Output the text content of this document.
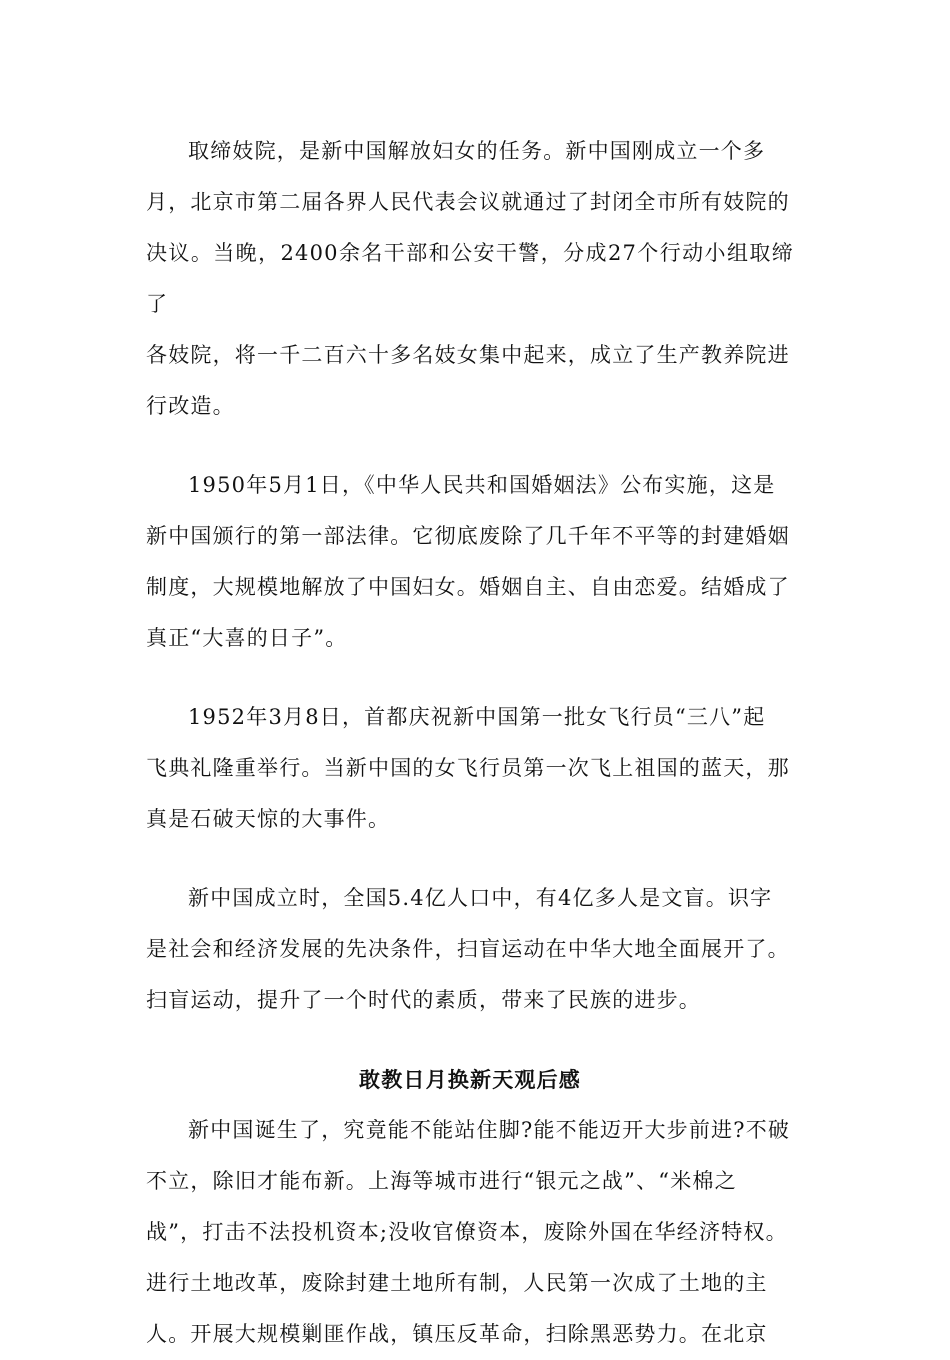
取缔妓院，是新中国解放妇女的任务。新中国刚成立一个多
月，北京市第二届各界人民代表会议就通过了封闭全市所有妓院的
决议。当晚，2400余名干部和公安干警，分成27个行动小组取缔了
各妓院，将一千二百六十多名妓女集中起来，成立了生产教养院进
行改造。

1950年5月1日，《中华人民共和国婚姻法》公布实施，这是
新中国颁行的第一部法律。它彻底废除了几千年不平等的封建婚姻
制度，大规模地解放了中国妇女。婚姻自主、自由恋爱。结婚成了
真正“大喜的日子”。

1952年3月8日，首都庆祝新中国第一批女飞行员“三八”起
飞典礼隆重举行。当新中国的女飞行员第一次飞上祖国的蓝天，那
真是石破天惊的大事件。

新中国成立时，全国5.4亿人口中，有4亿多人是文盲。识字
是社会和经济发展的先决条件，扫盲运动在中华大地全面展开了。
扫盲运动，提升了一个时代的素质，带来了民族的进步。

敢教日月换新天观后感

新中国诞生了，究竟能不能站住脚?能不能迈开大步前进?不破
不立，除旧才能布新。上海等城市进行“银元之战”、“米棉之
战”，打击不法投机资本;没收官僚资本，废除外国在华经济特权。
进行土地改革，废除封建土地所有制，人民第一次成了土地的主
人。开展大规模剿匪作战，镇压反革命，扫除黑恶势力。在北京
